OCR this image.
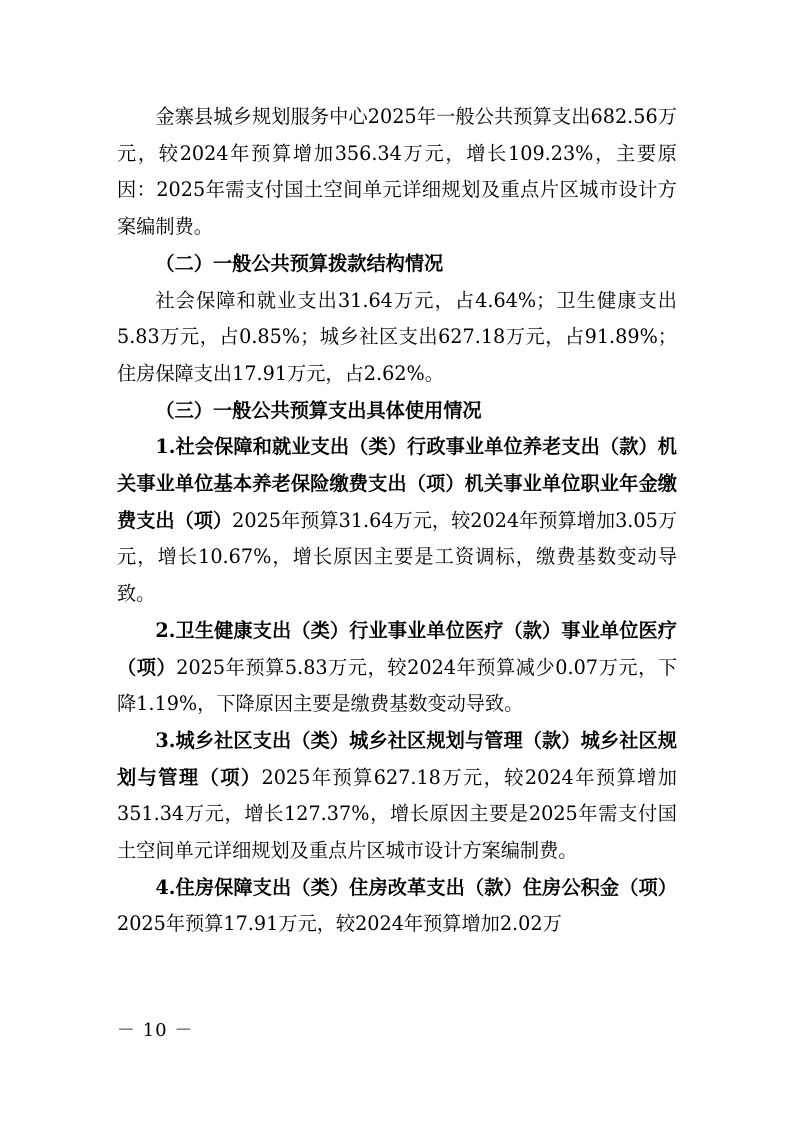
金寨县城乡规划服务中心2025年一般公共预算支出682.56万元，较2024年预算增加356.34万元，增长109.23%，主要原因：2025年需支付国土空间单元详细规划及重点片区城市设计方案编制费。

（二）一般公共预算拨款结构情况

社会保障和就业支出31.64万元，占4.64%；卫生健康支出5.83万元，占0.85%；城乡社区支出627.18万元，占91.89%；住房保障支出17.91万元，占2.62%。

（三）一般公共预算支出具体使用情况

1.社会保障和就业支出（类）行政事业单位养老支出（款）机关事业单位基本养老保险缴费支出（项）机关事业单位职业年金缴费支出（项）2025年预算31.64万元，较2024年预算增加3.05万元，增长10.67%，增长原因主要是工资调标，缴费基数变动导致。

2.卫生健康支出（类）行业事业单位医疗（款）事业单位医疗（项）2025年预算5.83万元，较2024年预算减少0.07万元，下降1.19%，下降原因主要是缴费基数变动导致。

3.城乡社区支出（类）城乡社区规划与管理（款）城乡社区规划与管理（项）2025年预算627.18万元，较2024年预算增加351.34万元，增长127.37%，增长原因主要是2025年需支付国土空间单元详细规划及重点片区城市设计方案编制费。

4.住房保障支出（类）住房改革支出（款）住房公积金（项）2025年预算17.91万元，较2024年预算增加2.02万

－ 10 －
